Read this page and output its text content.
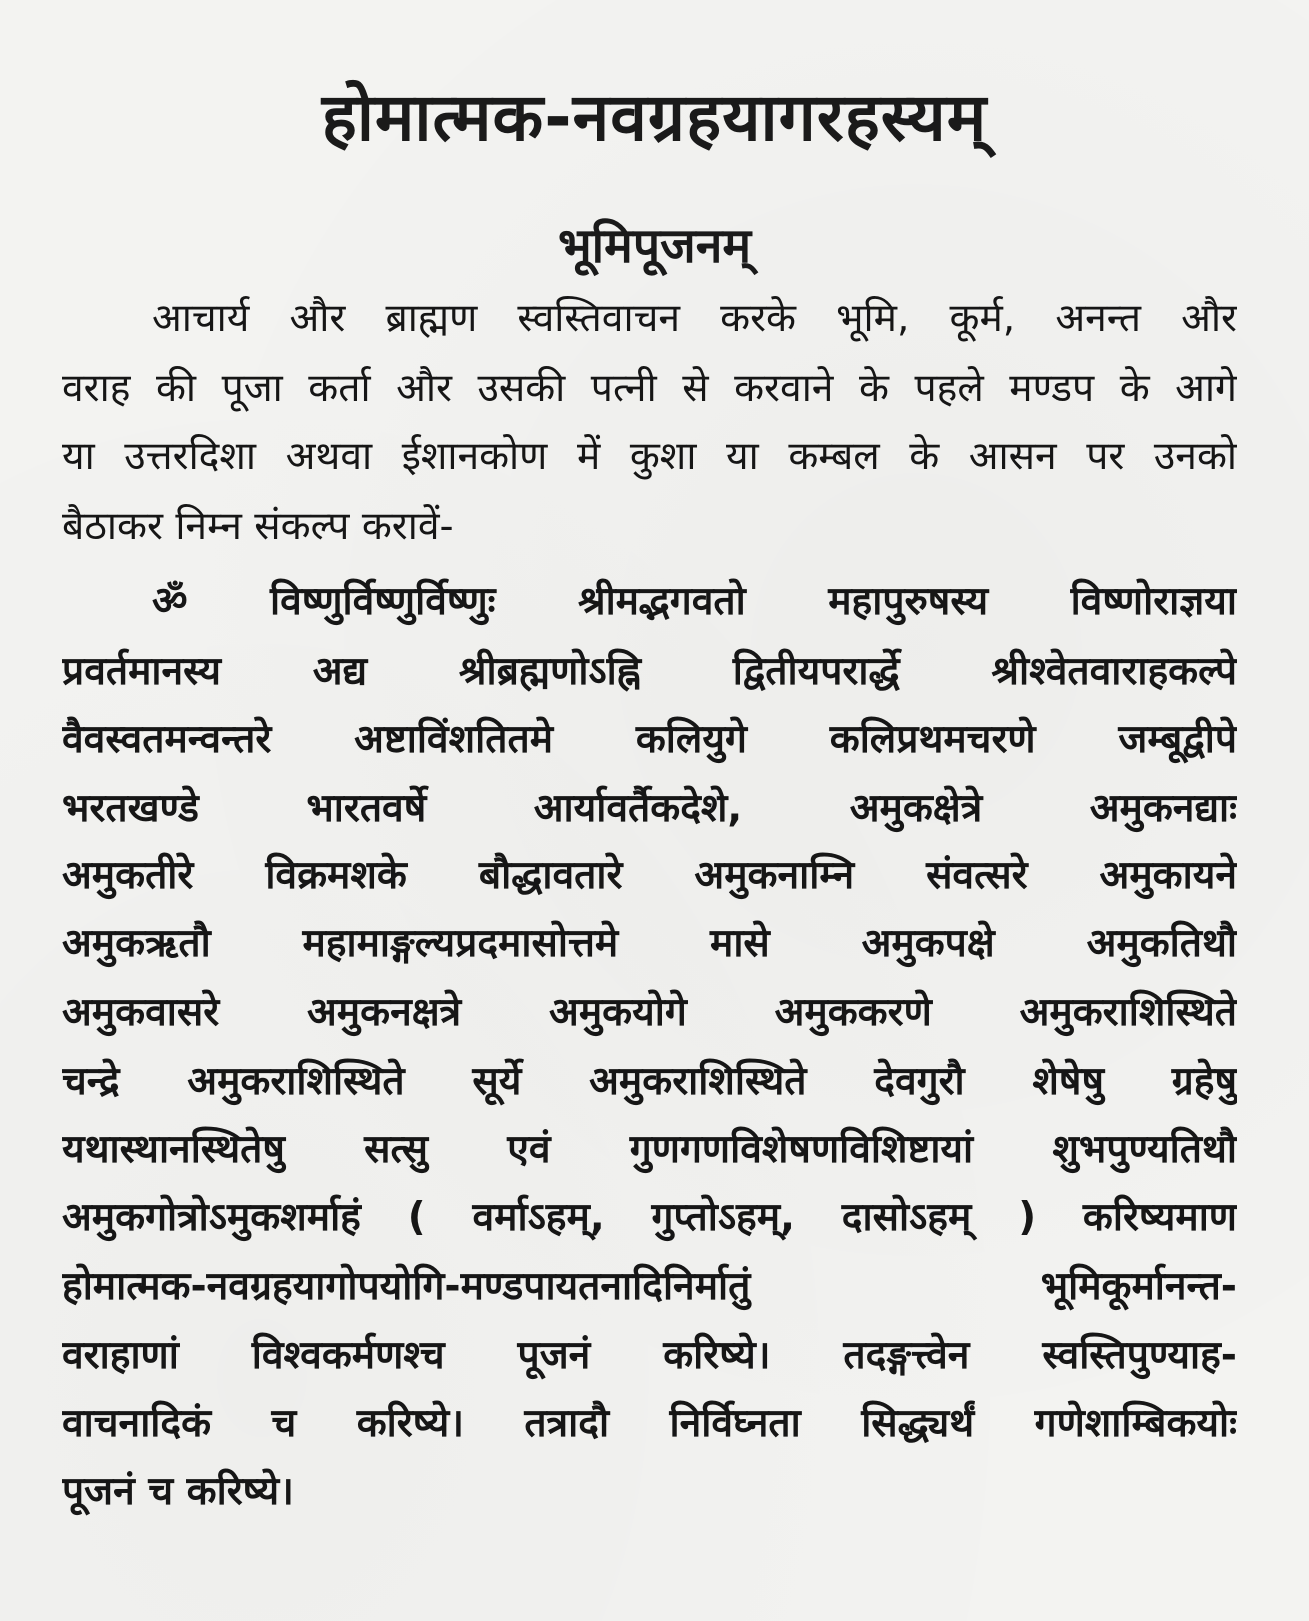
होमात्मक-नवग्रहयागरहस्यम्
भूमिपूजनम्
आचार्य और ब्राह्मण स्वस्तिवाचन करके भूमि, कूर्म, अनन्त और
वराह की पूजा कर्ता और उसकी पत्नी से करवाने के पहले मण्डप के आगे
या उत्तरदिशा अथवा ईशानकोण में कुशा या कम्बल के आसन पर उनको
बैठाकर निम्न संकल्प करावें-
ॐ विष्णुर्विष्णुर्विष्णुः श्रीमद्भगवतो महापुरुषस्य विष्णोराज्ञया
प्रवर्तमानस्य अद्य श्रीब्रह्मणोऽह्नि द्वितीयपरार्द्धे श्रीश्वेतवाराहकल्पे
वैवस्वतमन्वन्तरे अष्टाविंशतितमे कलियुगे कलिप्रथमचरणे जम्बूद्वीपे
भरतखण्डे भारतवर्षे आर्यावर्तैकदेशे, अमुकक्षेत्रे अमुकनद्याः
अमुकतीरे विक्रमशके बौद्धावतारे अमुकनाम्नि संवत्सरे अमुकायने
अमुकऋतौ महामाङ्गल्यप्रदमासोत्तमे मासे अमुकपक्षे अमुकतिथौ
अमुकवासरे अमुकनक्षत्रे अमुकयोगे अमुककरणे अमुकराशिस्थिते
चन्द्रे अमुकराशिस्थिते सूर्ये अमुकराशिस्थिते देवगुरौ शेषेषु ग्रहेषु
यथास्थानस्थितेषु सत्सु एवं गुणगणविशेषणविशिष्टायां शुभपुण्यतिथौ
अमुकगोत्रोऽमुकशर्माहं ( वर्माऽहम्, गुप्तोऽहम्, दासोऽहम् ) करिष्यमाण
होमात्मक-नवग्रहयागोपयोगि-मण्डपायतनादिनिर्मातुं भूमिकूर्मानन्त-
वराहाणां विश्वकर्मणश्च पूजनं करिष्ये। तदङ्गत्त्वेन स्वस्तिपुण्याह-
वाचनादिकं च करिष्ये। तत्रादौ निर्विघ्नता सिद्ध्यर्थं गणेशाम्बिकयोः
पूजनं च करिष्ये।
